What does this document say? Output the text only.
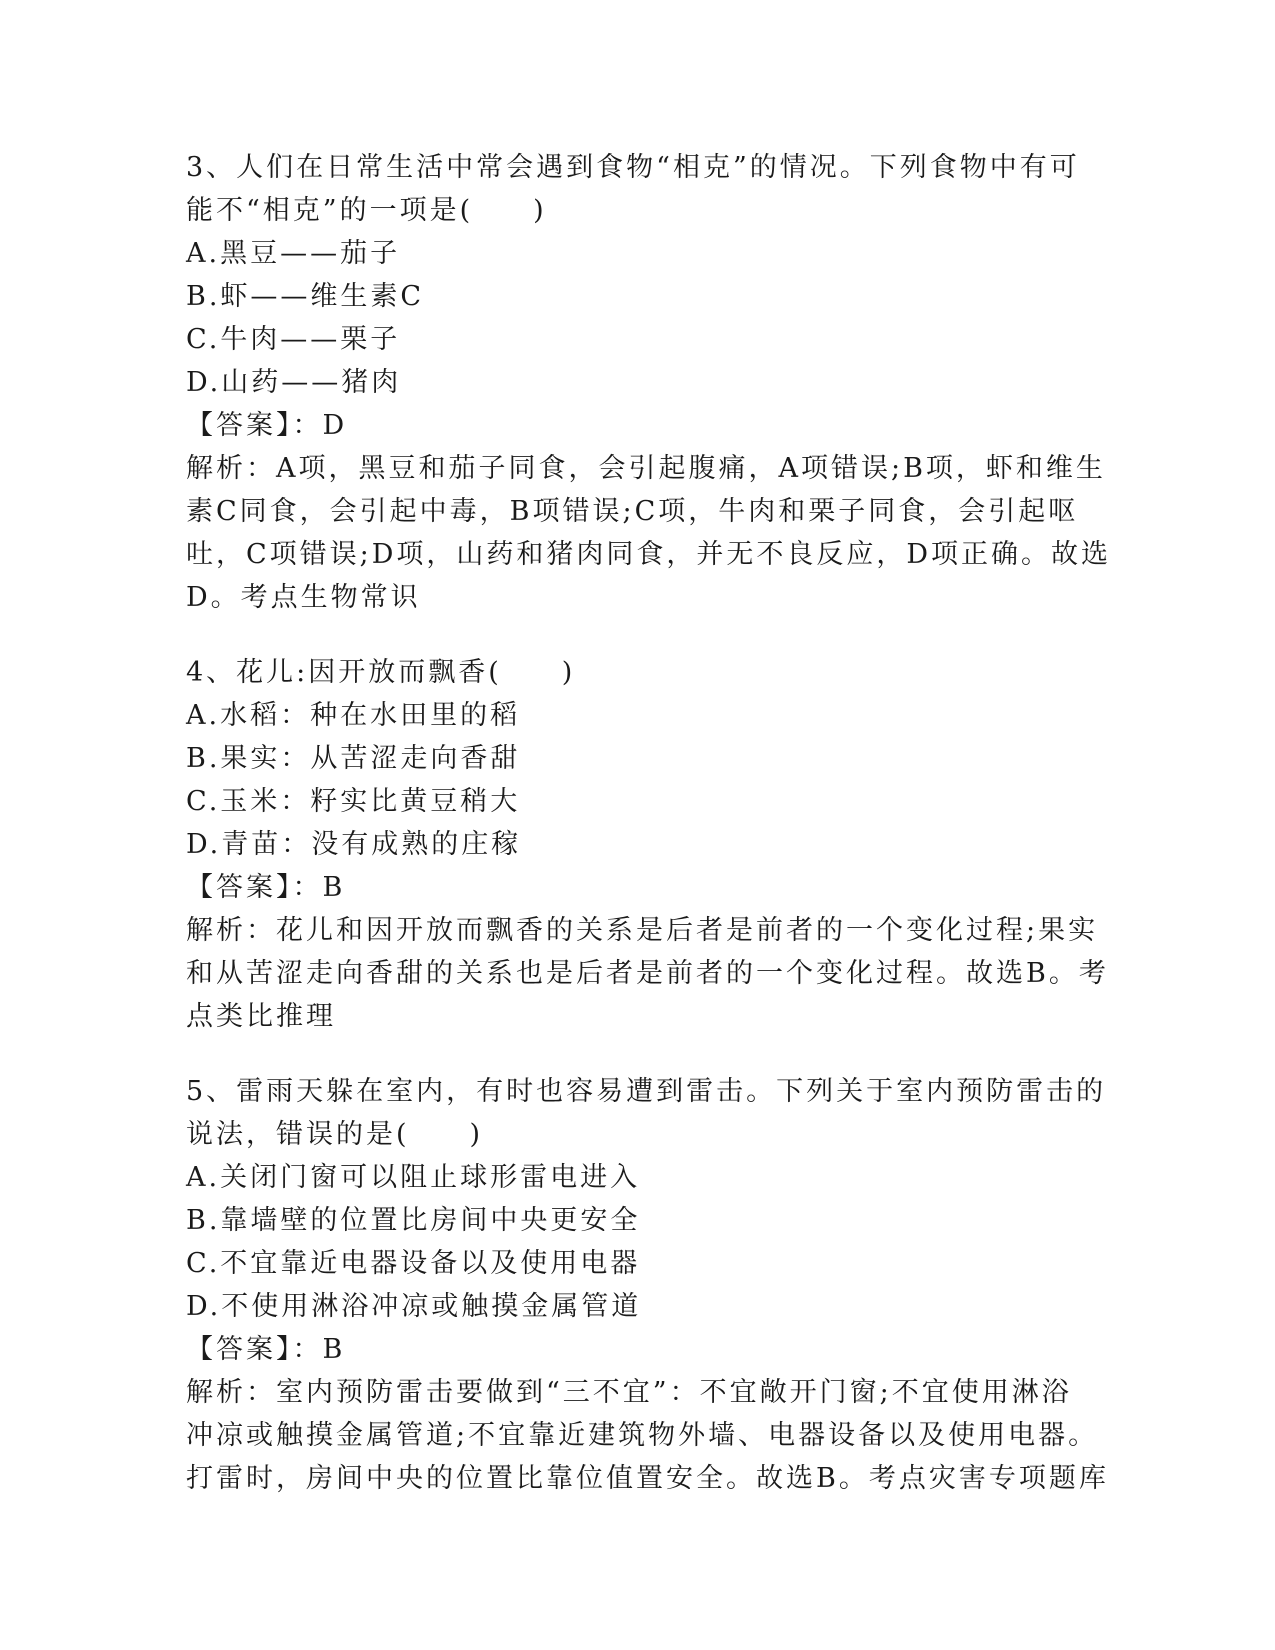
3、人们在日常生活中常会遇到食物“相克”的情况。下列食物中有可

能不“相克”的一项是(　　)

A.黑豆——茄子

B.虾——维生素C

C.牛肉——栗子

D.山药——猪肉

【答案】：D

解析：A项，黑豆和茄子同食，会引起腹痛，A项错误;B项，虾和维生

素C同食，会引起中毒，B项错误;C项，牛肉和栗子同食，会引起呕

吐，C项错误;D项，山药和猪肉同食，并无不良反应，D项正确。故选

D。考点生物常识

4、花儿:因开放而飘香(　　)

A.水稻：种在水田里的稻

B.果实：从苦涩走向香甜

C.玉米：籽实比黄豆稍大

D.青苗：没有成熟的庄稼

【答案】：B

解析：花儿和因开放而飘香的关系是后者是前者的一个变化过程;果实

和从苦涩走向香甜的关系也是后者是前者的一个变化过程。故选B。考

点类比推理

5、雷雨天躲在室内，有时也容易遭到雷击。下列关于室内预防雷击的

说法，错误的是(　　)

A.关闭门窗可以阻止球形雷电进入

B.靠墙壁的位置比房间中央更安全

C.不宜靠近电器设备以及使用电器

D.不使用淋浴冲凉或触摸金属管道

【答案】：B

解析：室内预防雷击要做到“三不宜”：不宜敞开门窗;不宜使用淋浴

冲凉或触摸金属管道;不宜靠近建筑物外墙、电器设备以及使用电器。

打雷时，房间中央的位置比靠位值置安全。故选B。考点灾害专项题库
